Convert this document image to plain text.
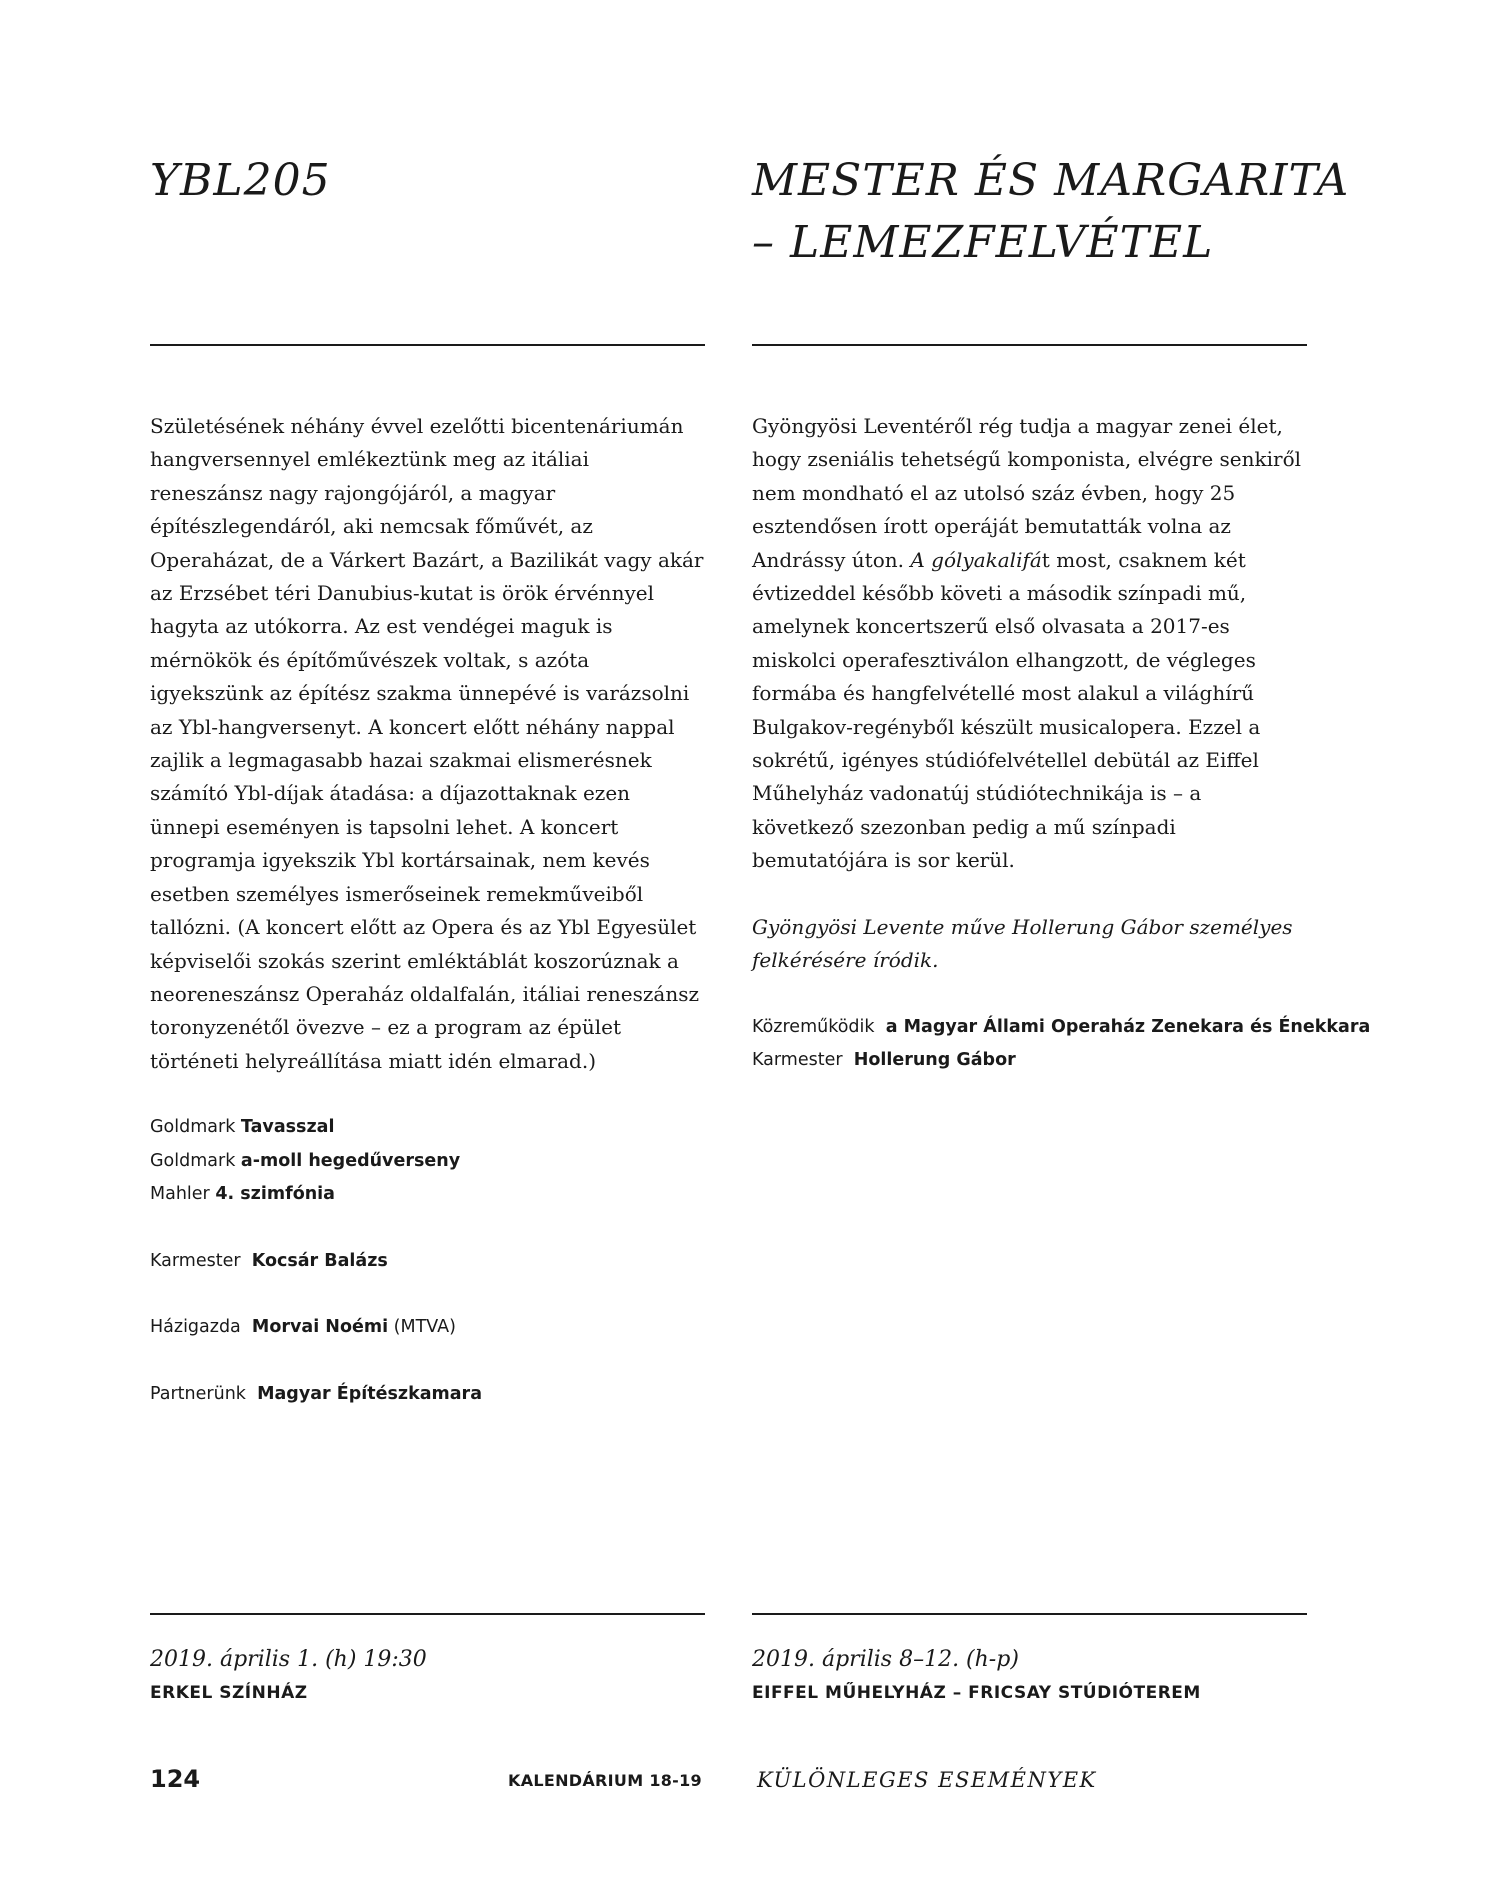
YBL205

Születésének néhány évvel ezelőtti bicentenáriumán hangversennyel emlékeztünk meg az itáliai reneszánsz nagy rajongójáról, a magyar építészlegendáról, aki nemcsak főművét, az Operaházat, de a Várkert Bazárt, a Bazilikát vagy akár az Erzsébet téri Danubius-kutat is örök érvénnyel hagyta az utókorra. Az est vendégei maguk is mérnökök és építőművészek voltak, s azóta igyekszünk az építész szakma ünnepévé is varázsolni az Ybl-hangversenyt. A koncert előtt néhány nappal zajlik a legmagasabb hazai szakmai elismerésnek számító Ybl-díjak átadása: a díjazottaknak ezen ünnepi eseményen is tapsolni lehet. A koncert programja igyekszik Ybl kortársainak, nem kevés esetben személyes ismerőseinek remekműveiből tallózni. (A koncert előtt az Opera és az Ybl Egyesület képviselői szokás szerint emléktáblát koszorúznak a neoreneszánsz Operaház oldalfalán, itáliai reneszánsz toronyzenétől övezve – ez a program az épület történeti helyreállítása miatt idén elmarad.)

Goldmark Tavasszal
Goldmark a-moll hegedűverseny
Mahler 4. szimfónia
Karmester Kocsár Balázs
Házigazda Morvai Noémi (MTVA)
Partnerünk Magyar Építészkamara
MESTER ÉS MARGARITA
– LEMEZFELVÉTEL

Gyöngyösi Leventéről rég tudja a magyar zenei élet, hogy zseniális tehetségű komponista, elvégre senkiről nem mondható el az utolsó száz évben, hogy 25 esztendősen írott operáját bemutatták volna az Andrássy úton. A gólyakalifát most, csaknem két évtizeddel később követi a második színpadi mű, amelynek koncertszerű első olvasata a 2017-es miskolci operafesztiválon elhangzott, de végleges formába és hangfelvétellé most alakul a világhírű Bulgakov-regényből készült musicalopera. Ezzel a sokrétű, igényes stúdiófelvétellel debütál az Eiffel Műhelyház vadonatúj stúdiótechnikája is – a következő szezonban pedig a mű színpadi bemutatójára is sor kerül.

Gyöngyösi Levente műve Hollerung Gábor személyes felkérésére íródik.

Közreműködik a Magyar Állami Operaház Zenekara és Énekkara
Karmester Hollerung Gábor
2019. április 1. (h) 19:30
ERKEL SZÍNHÁZ
2019. április 8–12. (h-p)
EIFFEL MŰHELYHÁZ – FRICSAY STÚDIÓTEREM
124	KALENDÁRIUM 18-19	KÜLÖNLEGES ESEMÉNYEK
